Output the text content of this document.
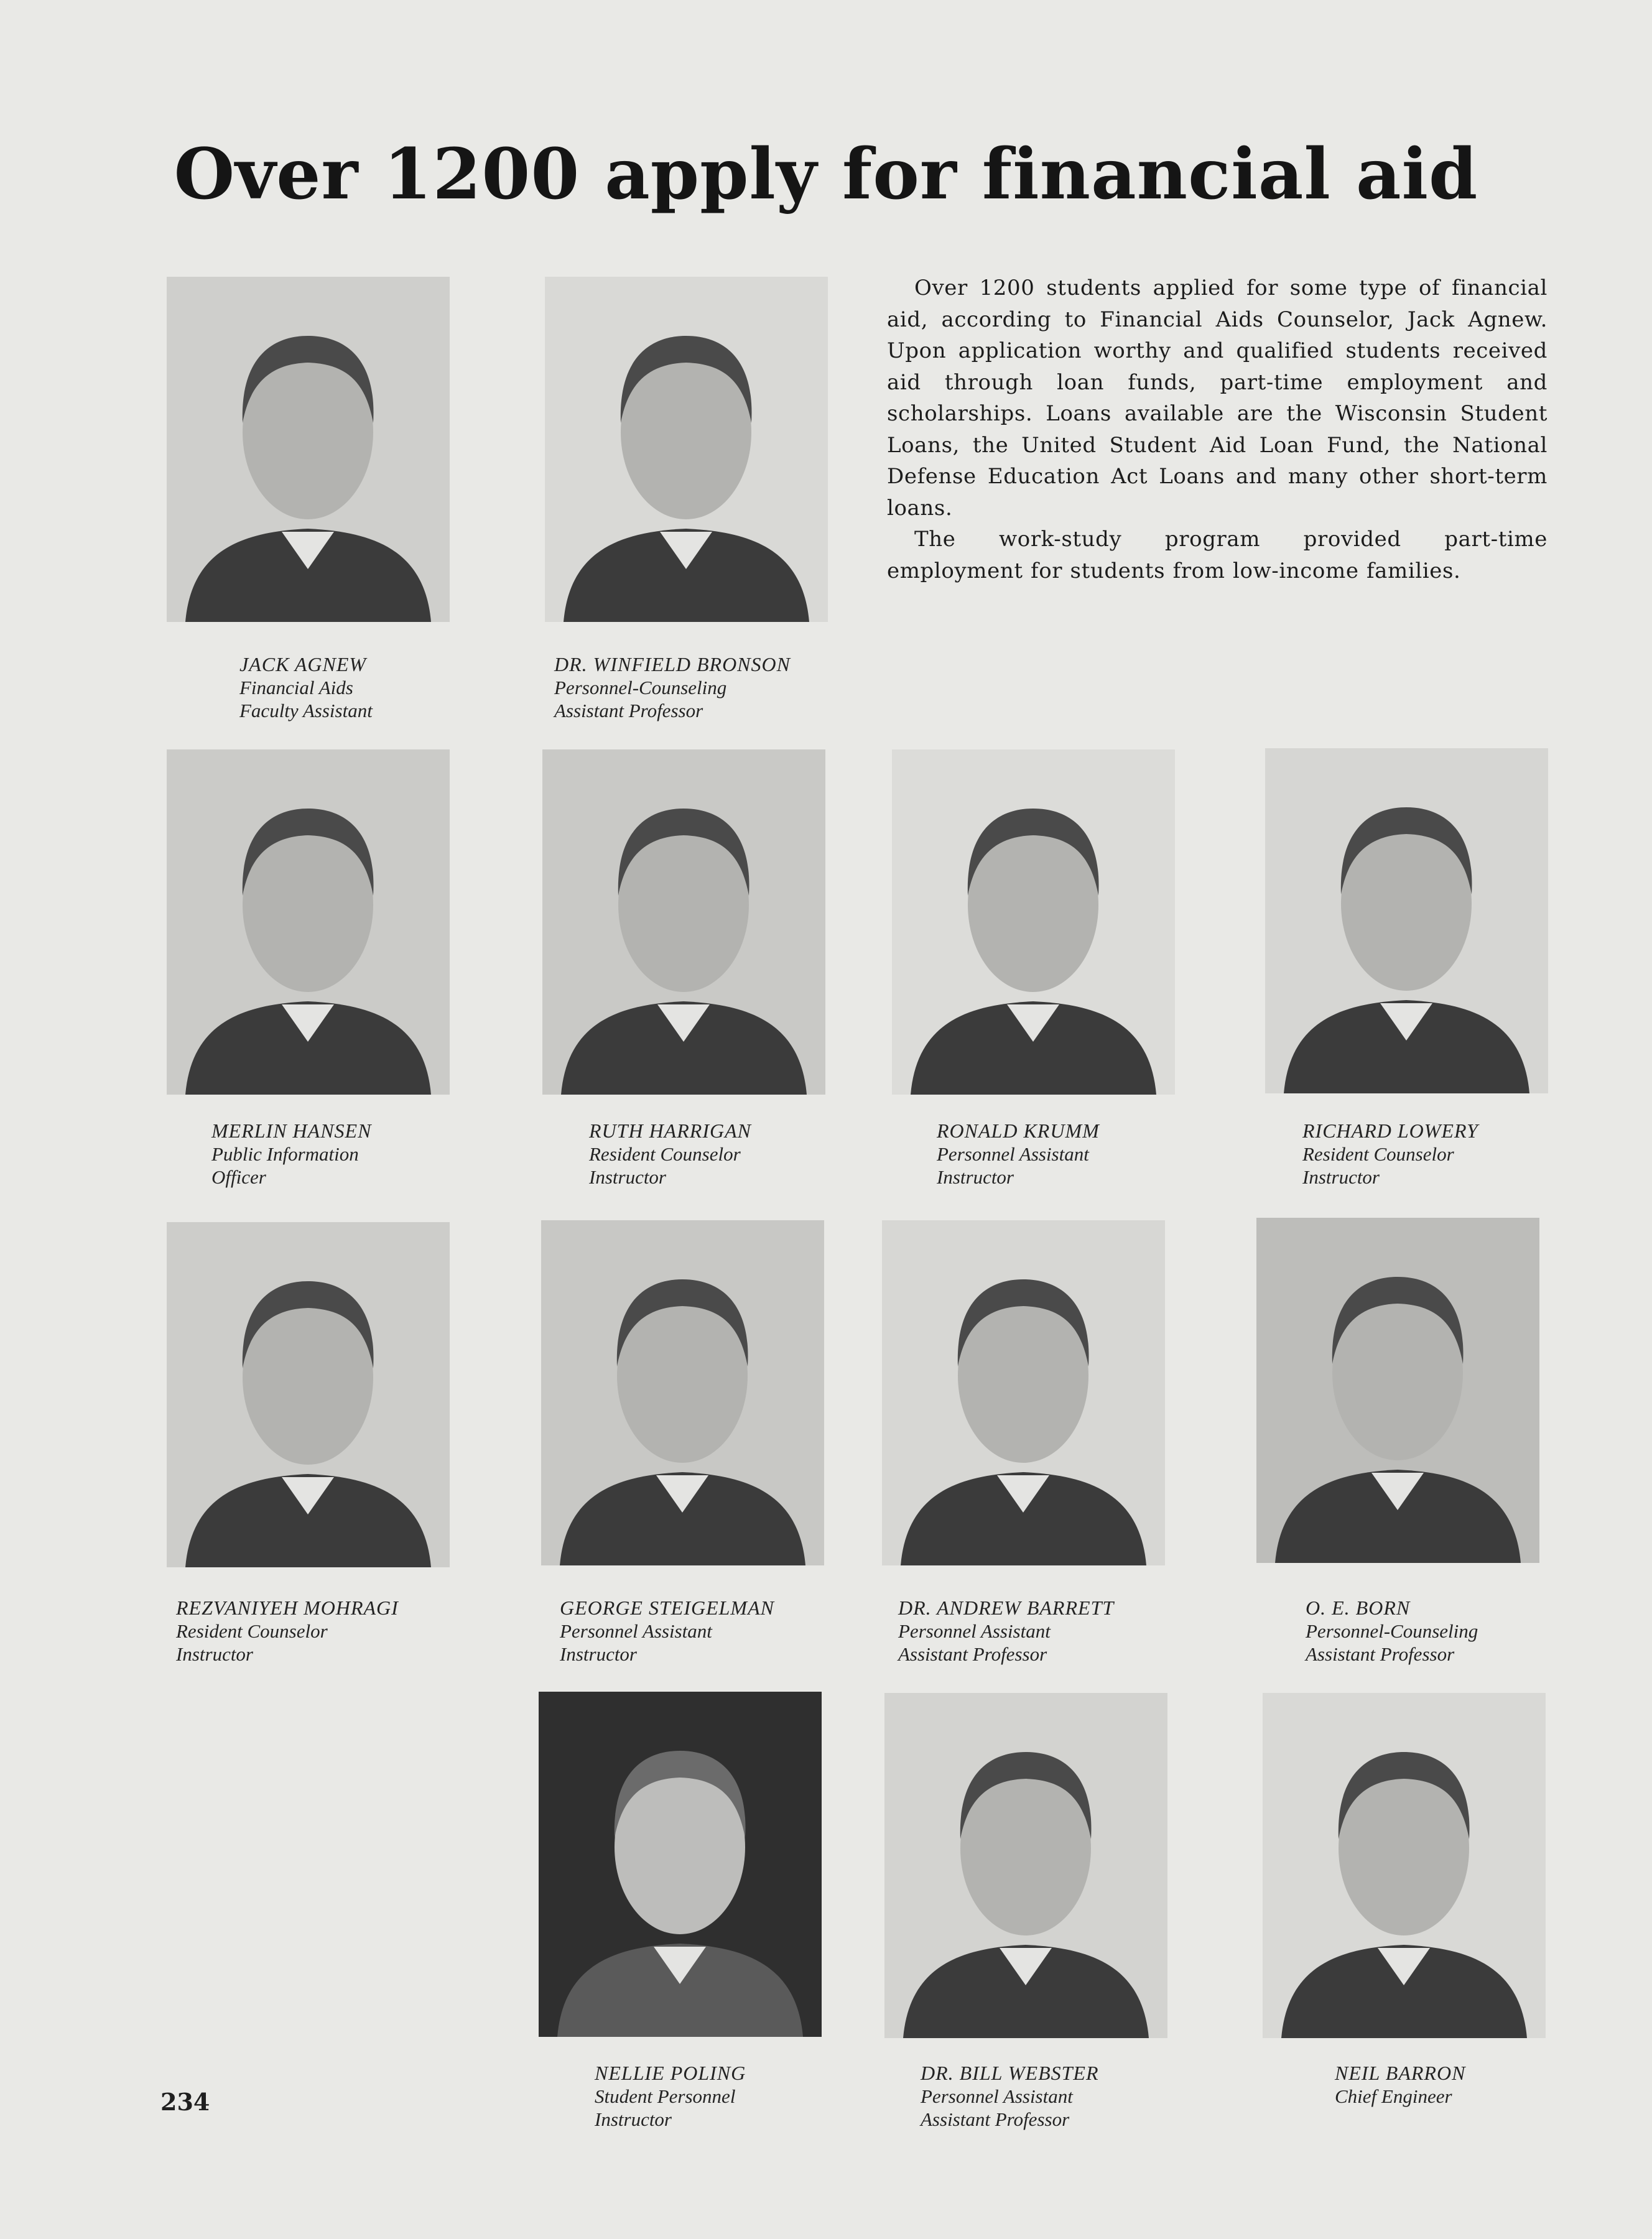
Over 1200 apply for financial aid

Over 1200 students applied for some type of financial aid, according to Financial Aids Counselor, Jack Agnew. Upon application worthy and qualified students received aid through loan funds, part-time employment and scholarships. Loans available are the Wisconsin Student Loans, the United Student Aid Loan Fund, the National Defense Education Act Loans and many other short-term loans.

The work-study program provided part-time employment for students from low-income families.

JACK AGNEW
Financial Aids
Faculty Assistant
DR. WINFIELD BRONSON
Personnel-Counseling
Assistant Professor
MERLIN HANSEN
Public Information
Officer
RUTH HARRIGAN
Resident Counselor
Instructor
RONALD KRUMM
Personnel Assistant
Instructor
RICHARD LOWERY
Resident Counselor
Instructor
REZVANIYEH MOHRAGI
Resident Counselor
Instructor
GEORGE STEIGELMAN
Personnel Assistant
Instructor
DR. ANDREW BARRETT
Personnel Assistant
Assistant Professor
O. E. BORN
Personnel-Counseling
Assistant Professor
NELLIE POLING
Student Personnel
Instructor
DR. BILL WEBSTER
Personnel Assistant
Assistant Professor
NEIL BARRON
Chief Engineer
234
